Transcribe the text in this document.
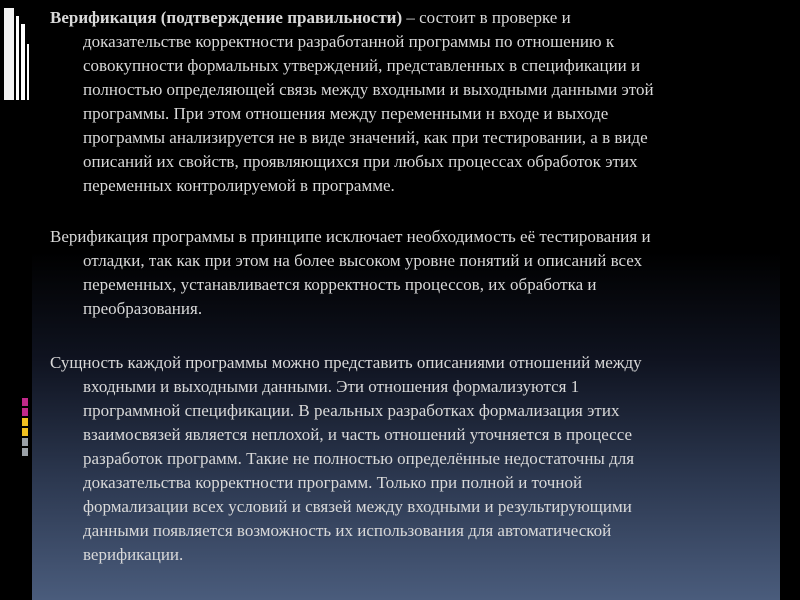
Верификация (подтверждение правильности) – состоит в проверке и
доказательстве корректности разработанной программы по отношению к
совокупности формальных утверждений, представленных в спецификации и
полностью определяющей связь между входными и выходными данными этой
программы. При этом отношения между переменными н входе и выходе
программы анализируется не в виде значений, как при тестировании, а в виде
описаний их свойств, проявляющихся при любых процессах обработок этих
переменных контролируемой в программе.
Верификация программы в принципе исключает необходимость её тестирования и
отладки, так как при этом на более высоком уровне понятий и описаний всех
переменных, устанавливается корректность процессов, их обработка и
преобразования.
Сущность каждой программы можно представить описаниями отношений между
входными и выходными данными. Эти отношения формализуются 1
программной спецификации. В реальных разработках формализация этих
взаимосвязей является неплохой, и часть отношений уточняется в процессе
разработок программ. Такие не полностью определённые недостаточны для
доказательства корректности программ. Только при полной и точной
формализации всех условий и связей между входными и результирующими
данными появляется возможность их использования для автоматической
верификации.
